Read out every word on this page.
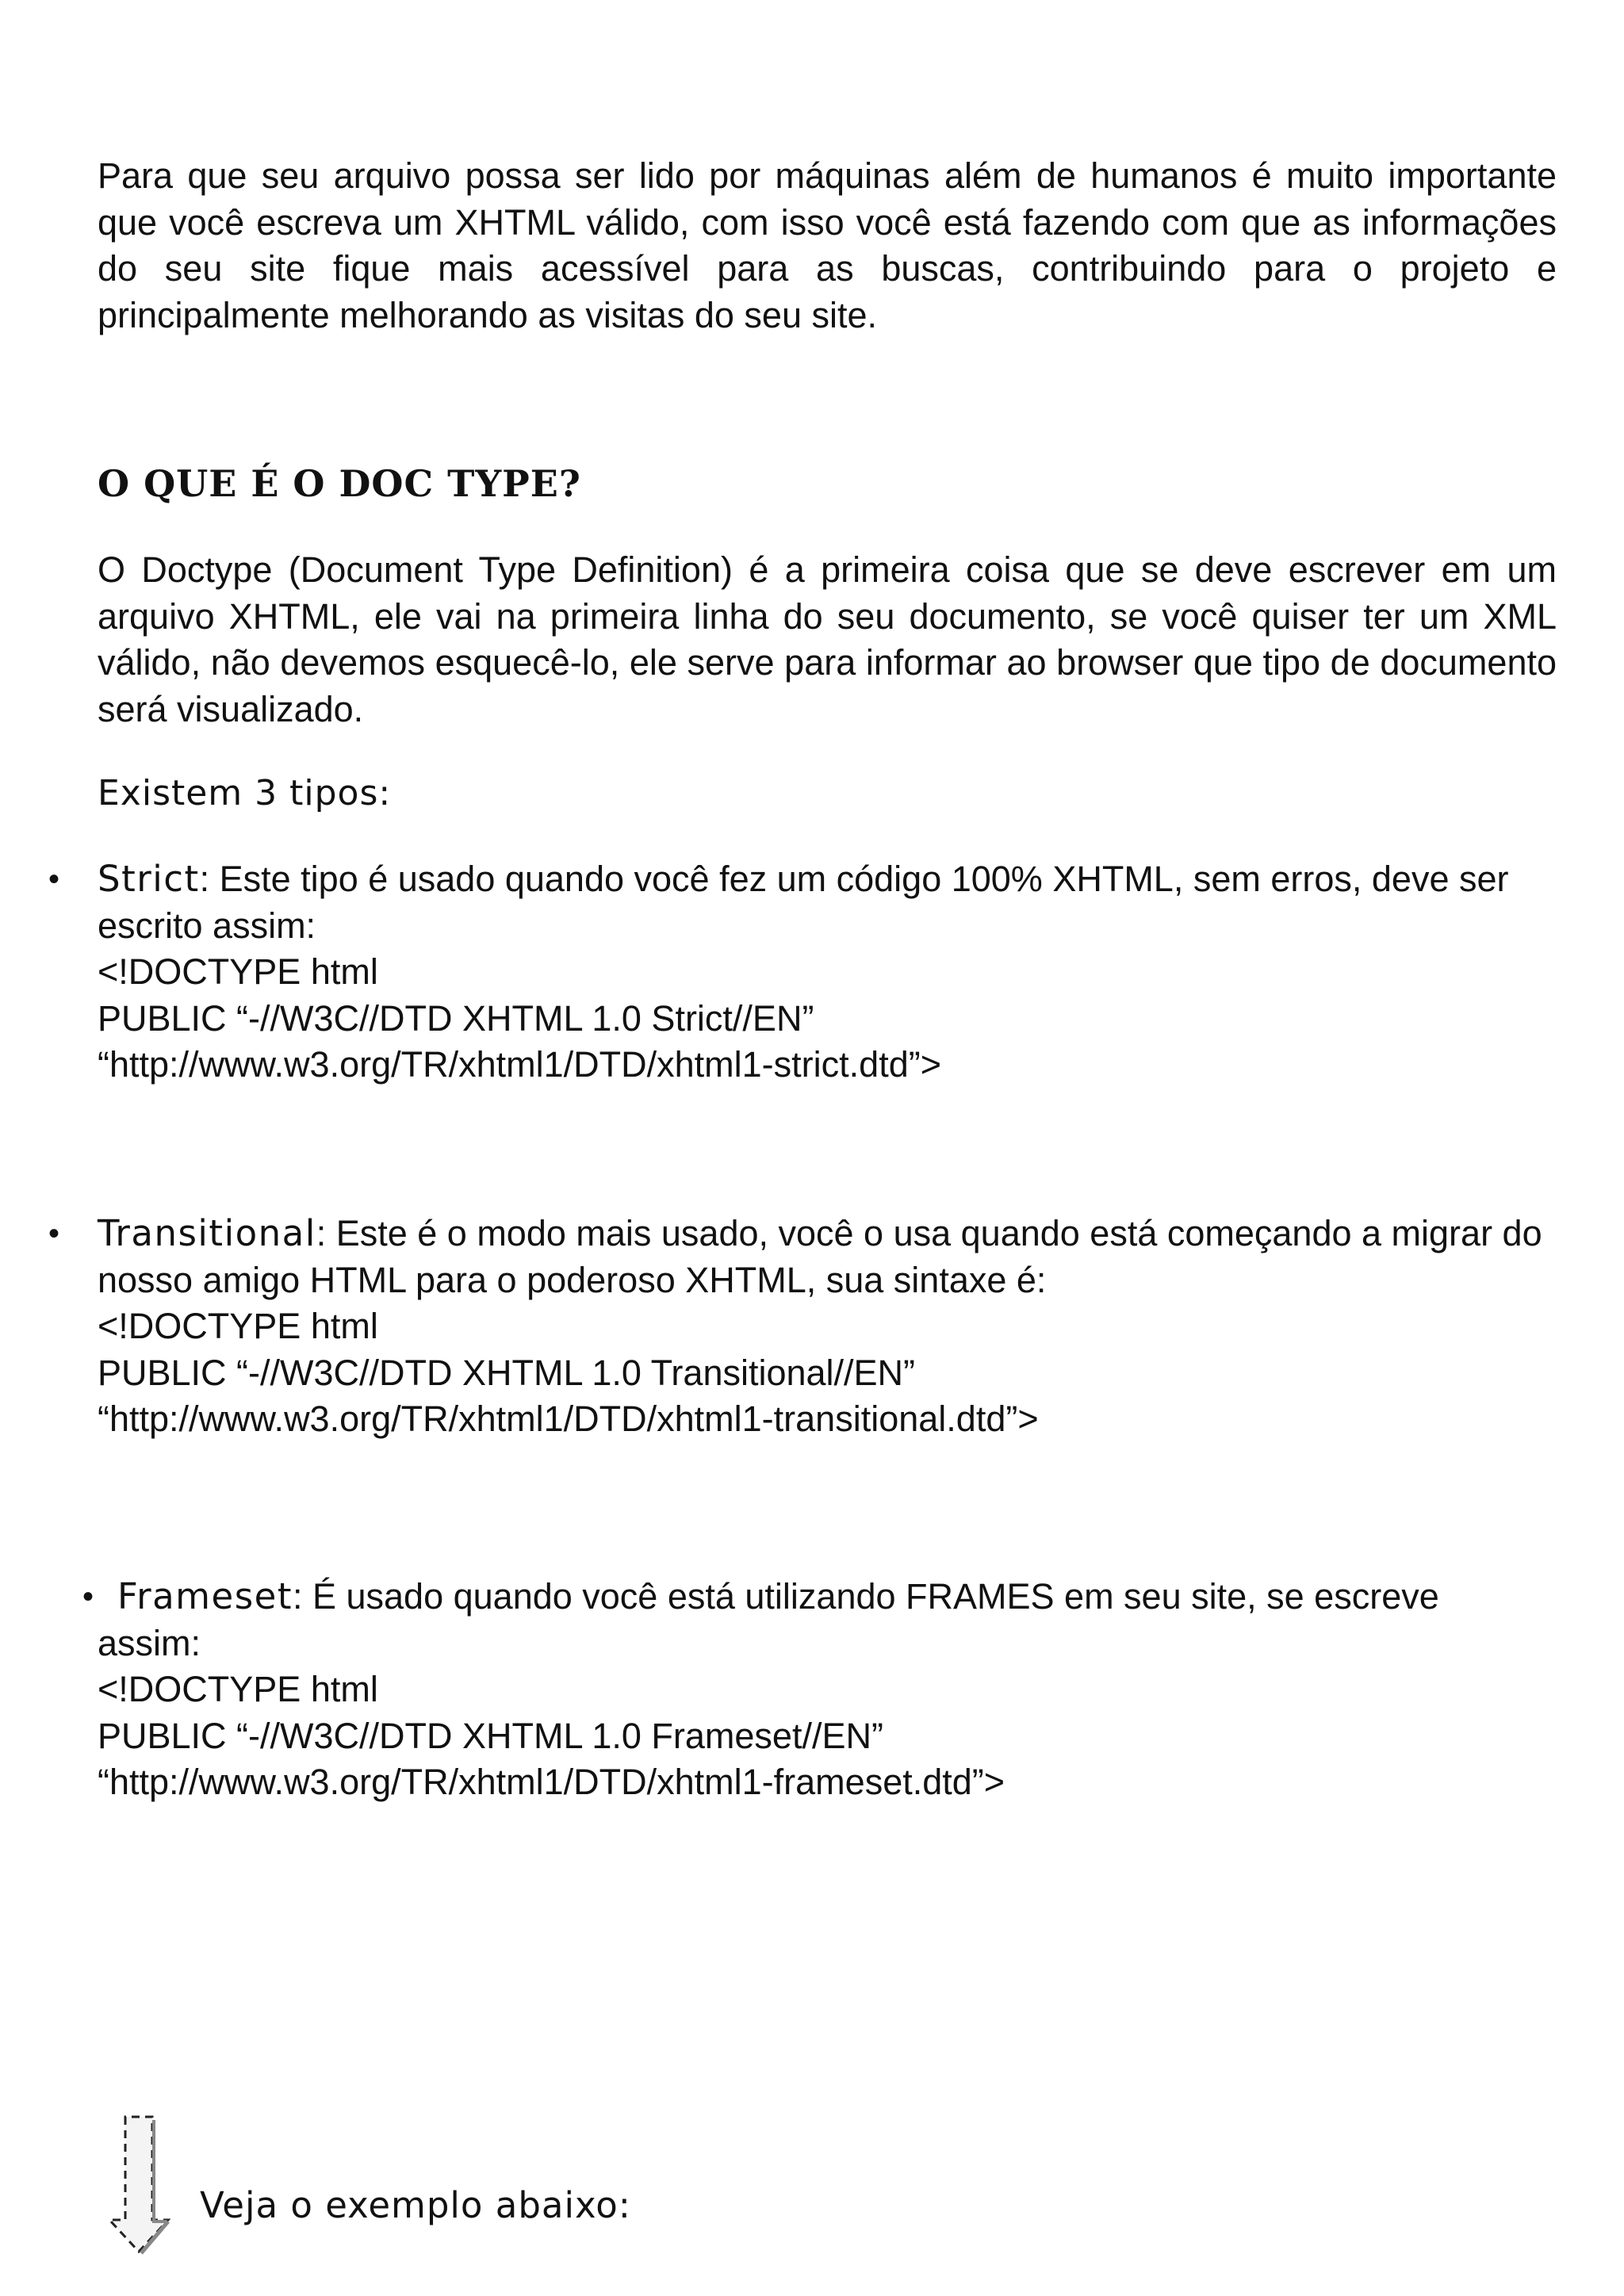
Para que seu arquivo possa ser lido por máquinas além de humanos é muito importante que você escreva um XHTML válido, com isso você está fazendo com que as informações do seu site fique mais acessível para as buscas, contribuindo para o projeto e principalmente melhorando as visitas do seu site.

O QUE É O DOC TYPE?

O Doctype (Document Type Definition) é a primeira coisa que se deve escrever em um arquivo XHTML, ele vai na primeira linha do seu documento, se você quiser ter um XML válido, não devemos esquecê-lo, ele serve para informar ao browser que tipo de documento será visualizado.

Existem 3 tipos:

• Strict: Este tipo é usado quando você fez um código 100% XHTML, sem erros, deve ser escrito assim:
<!DOCTYPE html
PUBLIC “-//W3C//DTD XHTML 1.0 Strict//EN”
“http://www.w3.org/TR/xhtml1/DTD/xhtml1-strict.dtd”>
• Transitional: Este é o modo mais usado, você o usa quando está começando a migrar do nosso amigo HTML para o poderoso XHTML, sua sintaxe é:
<!DOCTYPE html
PUBLIC “-//W3C//DTD XHTML 1.0 Transitional//EN”
“http://www.w3.org/TR/xhtml1/DTD/xhtml1-transitional.dtd”>
• Frameset: É usado quando você está utilizando FRAMES em seu site, se escreve
assim:
<!DOCTYPE html
PUBLIC “-//W3C//DTD XHTML 1.0 Frameset//EN”
“http://www.w3.org/TR/xhtml1/DTD/xhtml1-frameset.dtd”>

Veja o exemplo abaixo:
